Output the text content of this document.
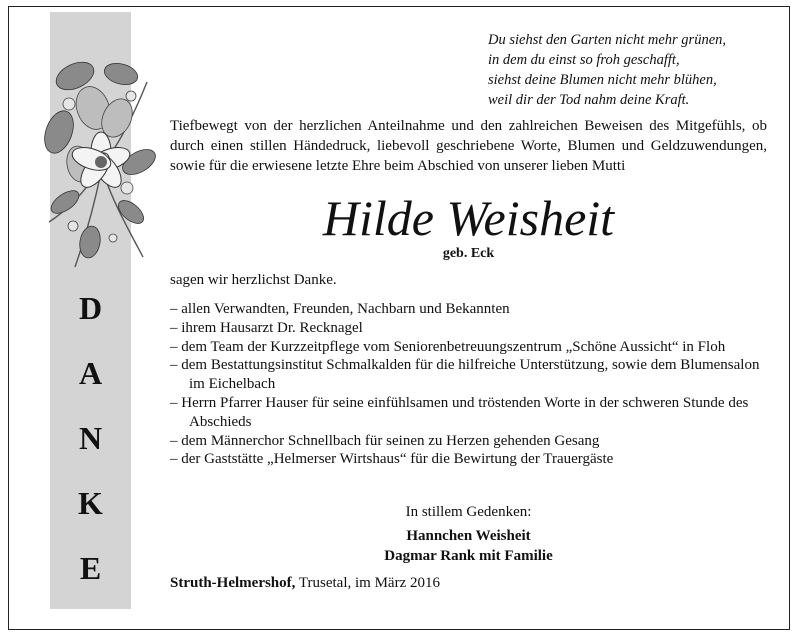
D
A
N
K
E
Du siehst den Garten nicht mehr grünen,
in dem du einst so froh geschafft,
siehst deine Blumen nicht mehr blühen,
weil dir der Tod nahm deine Kraft.
Tiefbewegt von der herzlichen Anteilnahme und den zahlreichen Beweisen des Mitgefühls, ob durch einen stillen Händedruck, liebevoll geschriebene Worte, Blumen und Geldzuwendungen, sowie für die erwiesene letzte Ehre beim Abschied von unserer lieben Mutti
Hilde Weisheit
geb. Eck
sagen wir herzlichst Danke.
– allen Verwandten, Freunden, Nachbarn und Bekannten
– ihrem Hausarzt Dr. Recknagel
– dem Team der Kurzzeitpflege vom Seniorenbetreuungszentrum „Schöne Aussicht“ in Floh
– dem Bestattungsinstitut Schmalkalden für die hilfreiche Unterstützung, sowie dem Blumensalon im Eichelbach
– Herrn Pfarrer Hauser für seine einfühlsamen und tröstenden Worte in der schweren Stunde des Abschieds
– dem Männerchor Schnellbach für seinen zu Herzen gehenden Gesang
– der Gaststätte „Helmerser Wirtshaus“ für die Bewirtung der Trauergäste
In stillem Gedenken:
Hannchen Weisheit
Dagmar Rank mit Familie
Struth-Helmershof, Trusetal, im März 2016
